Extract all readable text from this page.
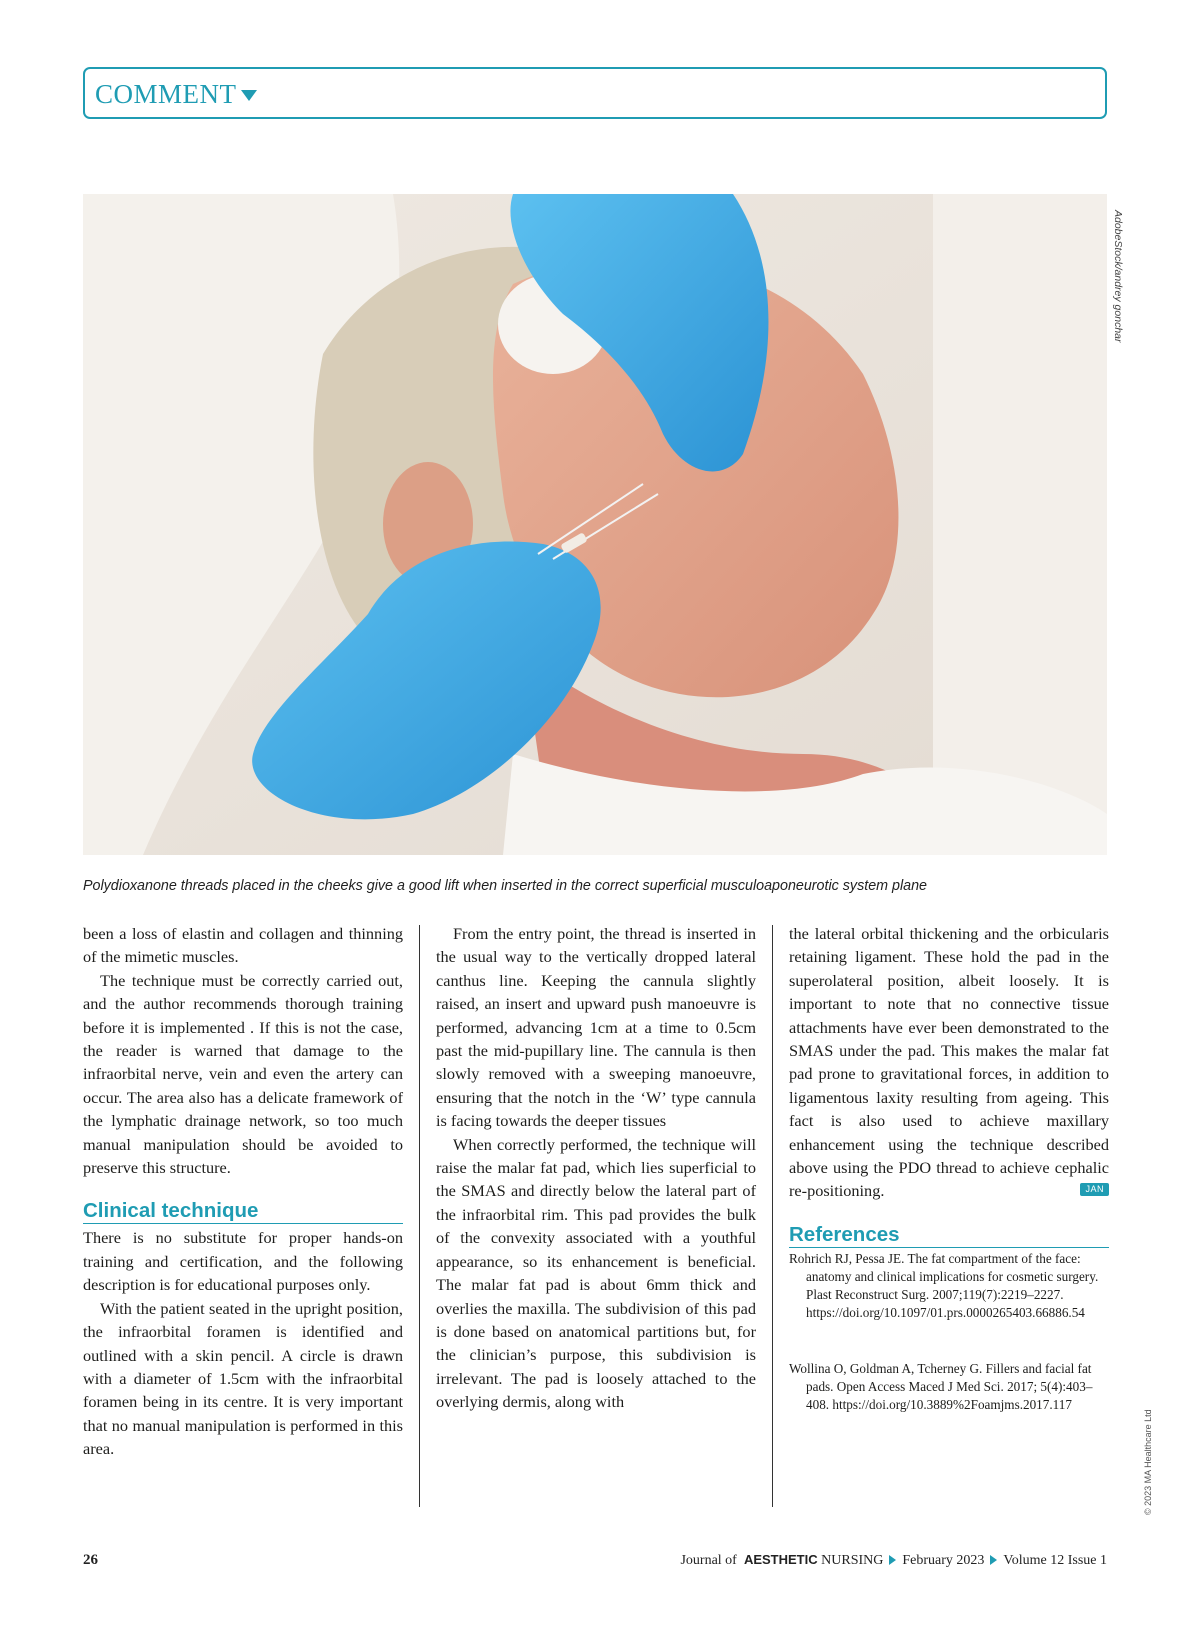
COMMENT
AdobeStock/andrey gonchar
Polydioxanone threads placed in the cheeks give a good lift when inserted in the correct superficial musculoaponeurotic system plane

been a loss of elastin and collagen and thinning of the mimetic muscles.

The technique must be correctly carried out, and the author recommends thorough training before it is implemented . If this is not the case, the reader is warned that damage to the infraorbital nerve, vein and even the artery can occur. The area also has a delicate framework of the lymphatic drainage network, so too much manual manipulation should be avoided to preserve this structure.

Clinical technique

There is no substitute for proper hands-on training and certification, and the following description is for educational purposes only.

With the patient seated in the upright position, the infraorbital foramen is identified and outlined with a skin pencil. A circle is drawn with a diameter of 1.5cm with the infraorbital foramen being in its centre. It is very important that no manual manipulation is performed in this area.

From the entry point, the thread is inserted in the usual way to the vertically dropped lateral canthus line. Keeping the cannula slightly raised, an insert and upward push manoeuvre is performed, advancing 1cm at a time to 0.5cm past the mid-pupillary line. The cannula is then slowly removed with a sweeping manoeuvre, ensuring that the notch in the ‘W’ type cannula is facing towards the deeper tissues

When correctly performed, the technique will raise the malar fat pad, which lies superficial to the SMAS and directly below the lateral part of the infraorbital rim. This pad provides the bulk of the convexity associated with a youthful appearance, so its enhancement is beneficial. The malar fat pad is about 6mm thick and overlies the maxilla. The subdivision of this pad is done based on anatomical partitions but, for the clinician’s purpose, this subdivision is irrelevant. The pad is loosely attached to the overlying dermis, along with

the lateral orbital thickening and the orbicularis retaining ligament. These hold the pad in the superolateral position, albeit loosely. It is important to note that no connective tissue attachments have ever been demonstrated to the SMAS under the pad. This makes the malar fat pad prone to gravitational forces, in addition to ligamentous laxity resulting from ageing. This fact is also used to achieve maxillary enhancement using the technique described above using the PDO thread to achieve cephalic re-positioning.	JAN

References
Rohrich RJ, Pessa JE. The fat compartment of the face: anatomy and clinical implications for cosmetic surgery. Plast Reconstruct Surg. 2007;119(7):2219–2227. https://doi.org/10.1097/01.prs.0000265403.66886.54
Wollina O, Goldman A, Tcherney G. Fillers and facial fat pads. Open Access Maced J Med Sci. 2017; 5(4):403–408. https://doi.org/10.3889%2Foamjms.2017.117
© 2023 MA Healthcare Ltd
26	Journal of  AESTHETIC NURSING February 2023 Volume 12 Issue 1
